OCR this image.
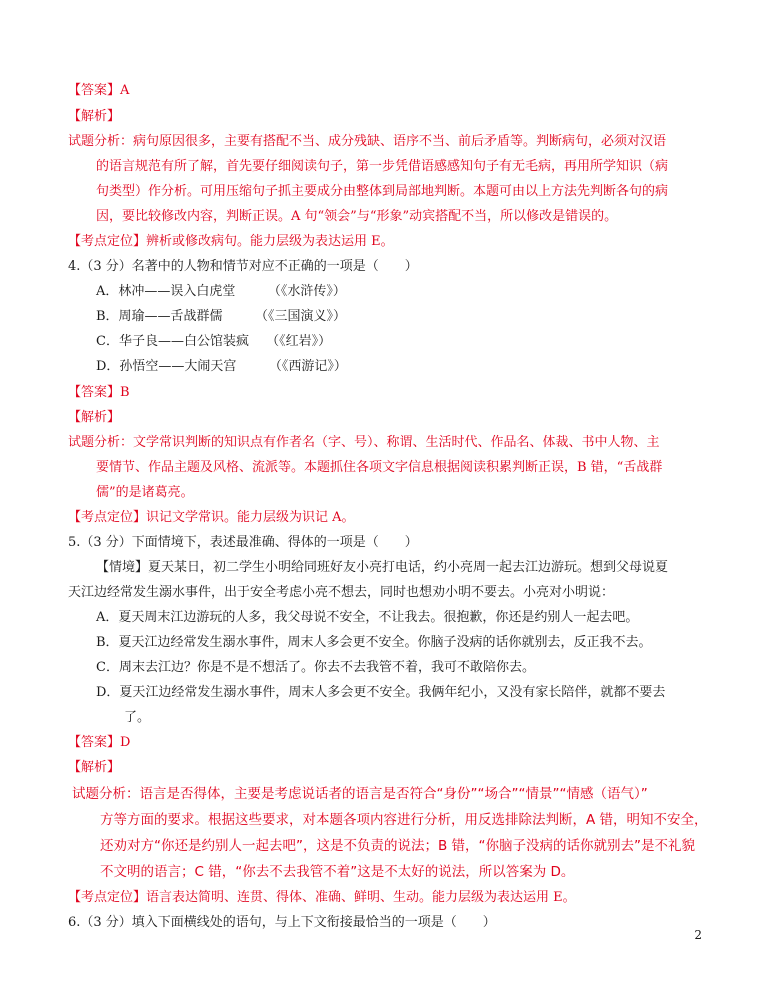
【答案】A
【解析】
试题分析：病句原因很多，主要有搭配不当、成分残缺、语序不当、前后矛盾等。判断病句，必须对汉语
的语言规范有所了解，首先要仔细阅读句子，第一步凭借语感感知句子有无毛病，再用所学知识（病
句类型）作分析。可用压缩句子抓主要成分由整体到局部地判断。本题可由以上方法先判断各句的病
因，要比较修改内容，判断正误。A 句“领会”与“形象”动宾搭配不当，所以修改是错误的。
【考点定位】辨析或修改病句。能力层级为表达运用 E。
4.（3 分）名著中的人物和情节对应不正确的一项是（　　）
A．林冲——误入白虎堂　　　（《水浒传》）
B．周瑜——舌战群儒　　　（《三国演义》）
C．华子良——白公馆装疯　 （《红岩》）
D．孙悟空——大闹天宫　　　（《西游记》）
【答案】B
【解析】
试题分析：文学常识判断的知识点有作者名（字、号）、称谓、生活时代、作品名、体裁、书中人物、主
要情节、作品主题及风格、流派等。本题抓住各项文字信息根据阅读积累判断正误，B 错，“舌战群
儒”的是诸葛亮。
【考点定位】识记文学常识。能力层级为识记 A。
5.（3 分）下面情境下，表述最准确、得体的一项是（　　）
【情境】夏天某日，初二学生小明给同班好友小亮打电话，约小亮周一起去江边游玩。想到父母说夏
天江边经常发生溺水事件，出于安全考虑小亮不想去，同时也想劝小明不要去。小亮对小明说：
A．夏天周末江边游玩的人多，我父母说不安全，不让我去。很抱歉，你还是约别人一起去吧。
B．夏天江边经常发生溺水事件，周末人多会更不安全。你脑子没病的话你就别去，反正我不去。
C．周末去江边？你是不是不想活了。你去不去我管不着，我可不敢陪你去。
D．夏天江边经常发生溺水事件，周末人多会更不安全。我俩年纪小，又没有家长陪伴，就都不要去
了。
【答案】D
【解析】
试题分析：语言是否得体，主要是考虑说话者的语言是否符合“身份”“场合”“情景”“情感（语气）”
方等方面的要求。根据这些要求，对本题各项内容进行分析，用反选排除法判断，A 错，明知不安全，
还劝对方“你还是约别人一起去吧”，这是不负责的说法；B 错，“你脑子没病的话你就别去”是不礼貌
不文明的语言；C 错，“你去不去我管不着”这是不太好的说法，所以答案为 D。
【考点定位】语言表达简明、连贯、得体、准确、鲜明、生动。能力层级为表达运用 E。
6.（3 分）填入下面横线处的语句，与上下文衔接最恰当的一项是（　　）
2
